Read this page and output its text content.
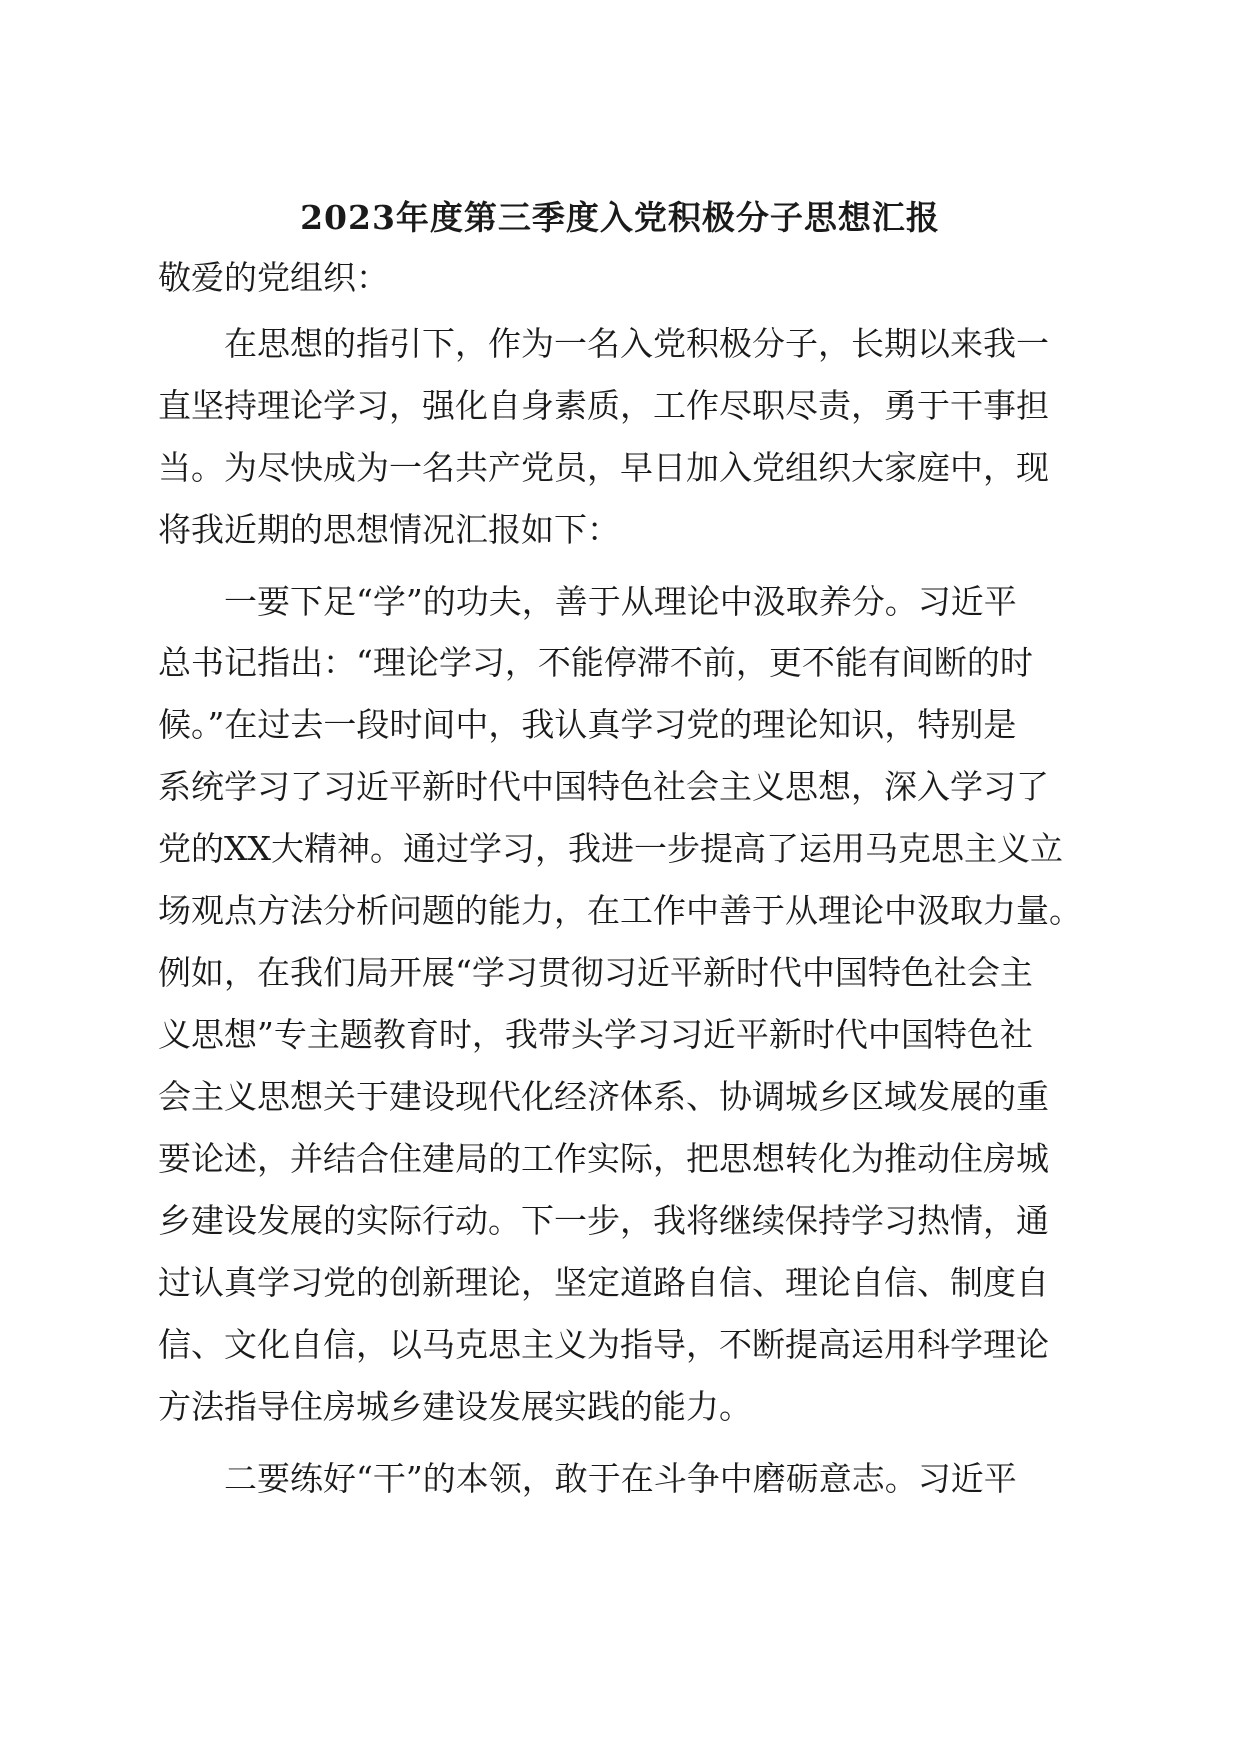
2023年度第三季度入党积极分子思想汇报

敬爱的党组织：

　　在思想的指引下，作为一名入党积极分子，长期以来我一

直坚持理论学习，强化自身素质，工作尽职尽责，勇于干事担

当。为尽快成为一名共产党员，早日加入党组织大家庭中，现

将我近期的思想情况汇报如下：

　　一要下足“学”的功夫，善于从理论中汲取养分。习近平

总书记指出：“理论学习，不能停滞不前，更不能有间断的时

候。”在过去一段时间中，我认真学习党的理论知识，特别是

系统学习了习近平新时代中国特色社会主义思想，深入学习了

党的XX大精神。通过学习，我进一步提高了运用马克思主义立

场观点方法分析问题的能力，在工作中善于从理论中汲取力量。

例如，在我们局开展“学习贯彻习近平新时代中国特色社会主

义思想”专主题教育时，我带头学习习近平新时代中国特色社

会主义思想关于建设现代化经济体系、协调城乡区域发展的重

要论述，并结合住建局的工作实际，把思想转化为推动住房城

乡建设发展的实际行动。下一步，我将继续保持学习热情，通

过认真学习党的创新理论，坚定道路自信、理论自信、制度自

信、文化自信，以马克思主义为指导，不断提高运用科学理论

方法指导住房城乡建设发展实践的能力。

　　二要练好“干”的本领，敢于在斗争中磨砺意志。习近平
